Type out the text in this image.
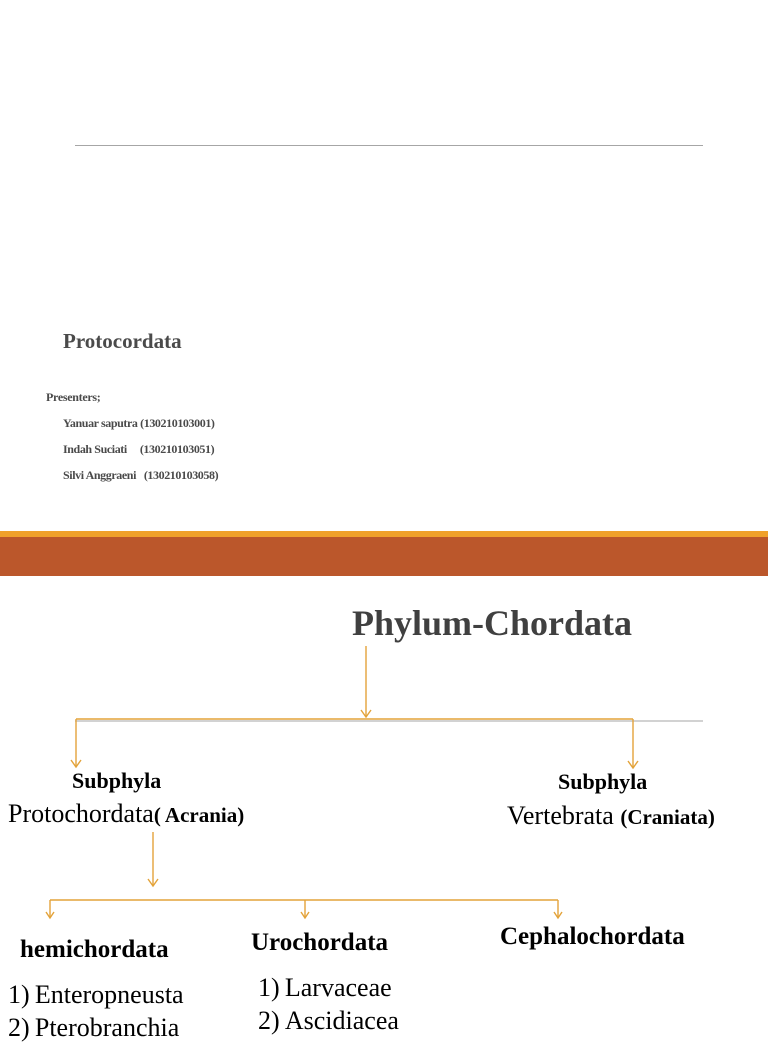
Protocordata
Presenters;
Yanuar saputra (130210103001)
Indah Suciati     (130210103051)
Silvi Anggraeni   (130210103058)
Phylum-Chordata
Subphyla
Protochordata( Acrania)
Subphyla
Vertebrata (Craniata)
hemichordata	Urochordata	Cephalochordata
1) Enteropneusta
2) Pterobranchia
1) Larvaceae
2) Ascidiacea
